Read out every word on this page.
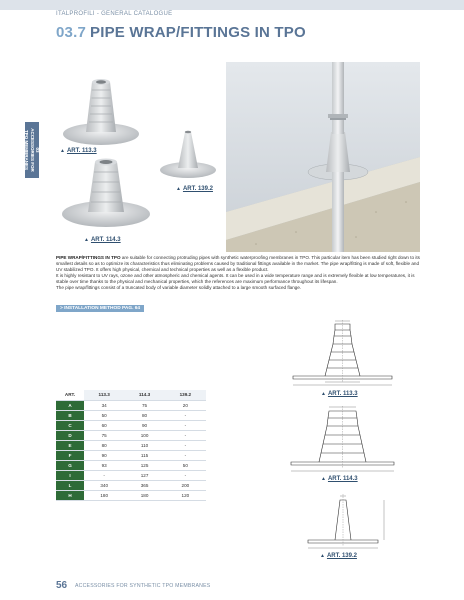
ITALPROFILI - GENERAL CATALOGUE
03.7 PIPE WRAP/FITTINGS IN TPO
03
ACCESSORIES FOR
TPO MEMBRANES	▲ ART. 113.3
▲ ART. 139.2
▲ ART. 114.3

PIPE WRAP/FITTINGS IN TPO are suitable for connecting protruding pipes with synthetic waterproofing membranes in TPO. This particular item has been studied right down to its smallest details so as to optimize its characteristics thus eliminating problems caused by traditional fittings available in the market. The pipe wrap/fitting is made of soft, flexible and UV stabilized TPO. It offers high physical, chemical and technical properties as well as a flexible product.

It is highly resistant to UV rays, ozone and other atmospheric and chemical agents. It can be used in a wide temperature range and is extremely flexible at low temperatures, it is stable over time thanks to the physical and mechanical properties, which the references are maximum performance throughout its lifespan.

The pipe wrap/fittings consist of a truncated body of variable diameter solidly attached to a large smooth surfaced flange.

> INSTALLATION METHOD PAG. 64
ART.	113.3	114.3	139.2
A	34	75	20
B	50	80	-
C	60	90	-
D	75	100	-
E	80	110	-
F	90	115	-
G	93	125	50
I	-	127	-
L	340	365	200
H	180	180	120
▲ ART. 113.3
▲ ART. 114.3
▲ ART. 139.2
56 ACCESSORIES FOR SYNTHETIC TPO MEMBRANES
